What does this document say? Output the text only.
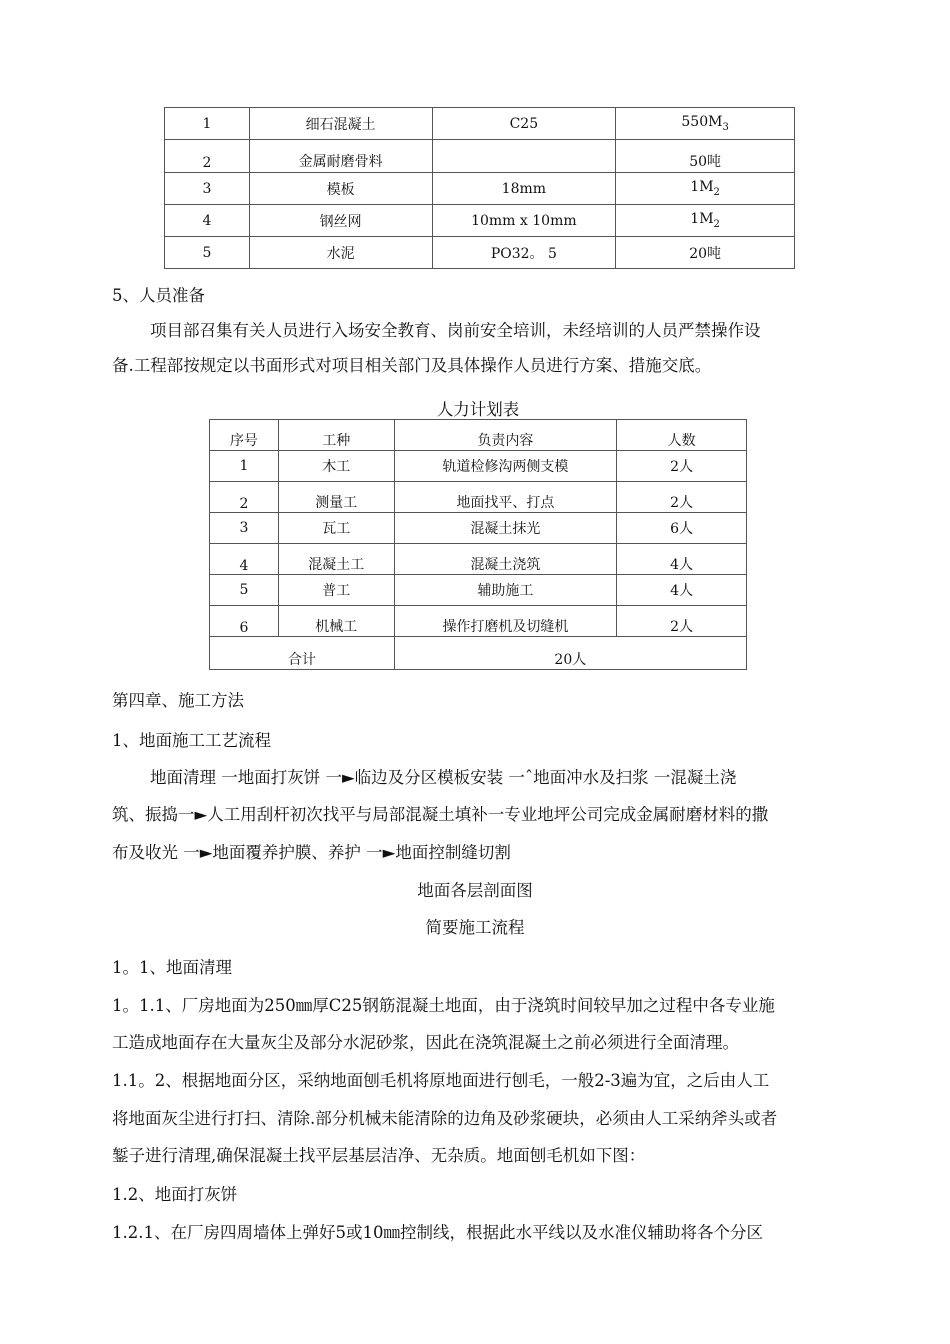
1	细石混凝土	C25	$550M_3$
2	金属耐磨骨料		50吨
3	模板	18mm	$1M_2$
4	钢丝网	10mm x 10mm	$1M_2$
5	水泥	PO32。 5	20吨
5、人员准备
项目部召集有关人员进行入场安全教育、岗前安全培训，未经培训的人员严禁操作设
备.工程部按规定以书面形式对项目相关部门及具体操作人员进行方案、措施交底。
人力计划表
序号	工种	负责内容	人数
1	木工	轨道检修沟两侧支模	2人
2	测量工	地面找平、打点	2人
3	瓦工	混凝土抹光	6人
4	混凝土工	混凝土浇筑	4人
5	普工	辅助施工	4人
6	机械工	操作打磨机及切缝机	2人
合计		20人	
第四章、施工方法
1、地面施工工艺流程
地面清理 一地面打灰饼 一►临边及分区模板安装 一ˆ地面冲水及扫浆 一混凝土浇
筑、振捣一►人工用刮杆初次找平与局部混凝土填补一专业地坪公司完成金属耐磨材料的撒
布及收光 一►地面覆养护膜、养护 一►地面控制缝切割
地面各层剖面图
简要施工流程
1。1、地面清理
1。1.1、厂房地面为250㎜厚C25钢筋混凝土地面，由于浇筑时间较早加之过程中各专业施
工造成地面存在大量灰尘及部分水泥砂浆，因此在浇筑混凝土之前必须进行全面清理。
1.1。2、根据地面分区，采纳地面刨毛机将原地面进行刨毛，一般2-3遍为宜，之后由人工
将地面灰尘进行打扫、清除.部分机械未能清除的边角及砂浆硬块，必须由人工采纳斧头或者
錾子进行清理,确保混凝土找平层基层洁净、无杂质。地面刨毛机如下图：
1.2、地面打灰饼
1.2.1、在厂房四周墙体上弹好5或10㎜控制线，根据此水平线以及水准仪辅助将各个分区
